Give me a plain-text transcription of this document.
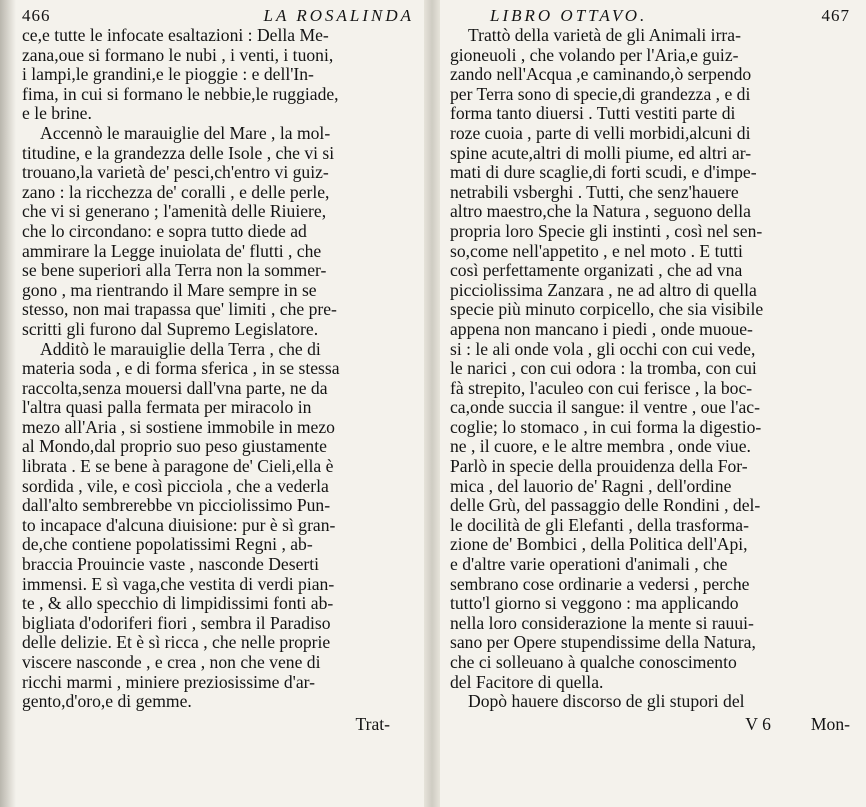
466	LA ROSALINDA
ce,e tutte le infocate esaltazioni : Della Me-
zana,oue si formano le nubi , i venti, i tuoni,
i lampi,le grandini,e le pioggie : e dell'In-
fima, in cui si formano le nebbie,le ruggiade,
e le brine.
Accennò le marauiglie del Mare , la mol-
titudine, e la grandezza delle Isole , che vi si
trouano,la varietà de' pesci,ch'entro vi guiz-
zano : la ricchezza de' coralli , e delle perle,
che vi si generano ; l'amenità delle Riuiere,
che lo circondano: e sopra tutto diede ad
ammirare la Legge inuiolata de' flutti , che
se bene superiori alla Terra non la sommer-
gono , ma rientrando il Mare sempre in se
stesso, non mai trapassa que' limiti , che pre-
scritti gli furono dal Supremo Legislatore.
Additò le marauiglie della Terra , che di
materia soda , e di forma sferica , in se stessa
raccolta,senza mouersi dall'vna parte, ne da
l'altra quasi palla fermata per miracolo in
mezo all'Aria , si sostiene immobile in mezo
al Mondo,dal proprio suo peso giustamente
librata . E se bene à paragone de' Cieli,ella è
sordida , vile, e così picciola , che a vederla
dall'alto sembrerebbe vn picciolissimo Pun-
to incapace d'alcuna diuisione: pur è sì gran-
de,che contiene popolatissimi Regni , ab-
braccia Prouincie vaste , nasconde Deserti
immensi. E sì vaga,che vestita di verdi pian-
te , & allo specchio di limpidissimi fonti ab-
bigliata d'odoriferi fiori , sembra il Paradiso
delle delizie. Et è sì ricca , che nelle proprie
viscere nasconde , e crea , non che vene di
ricchi marmi , miniere preziosissime d'ar-
gento,d'oro,e di gemme.
Trat-
LIBRO OTTAVO.	467
Trattò della varietà de gli Animali irra-
gioneuoli , che volando per l'Aria,e guiz-
zando nell'Acqua ,e caminando,ò serpendo
per Terra sono di specie,di grandezza , e di
forma tanto diuersi . Tutti vestiti parte di
roze cuoia , parte di velli morbidi,alcuni di
spine acute,altri di molli piume, ed altri ar-
mati di dure scaglie,di forti scudi, e d'impe-
netrabili vsberghi . Tutti, che senz'hauere
altro maestro,che la Natura , seguono della
propria loro Specie gli instinti , così nel sen-
so,come nell'appetito , e nel moto . E tutti
così perfettamente organizati , che ad vna
picciolissima Zanzara , ne ad altro di quella
specie più minuto corpicello, che sia visibile
appena non mancano i piedi , onde muoue-
si : le ali onde vola , gli occhi con cui vede,
le narici , con cui odora : la tromba, con cui
fà strepito, l'aculeo con cui ferisce , la boc-
ca,onde succia il sangue: il ventre , oue l'ac-
coglie; lo stomaco , in cui forma la digestio-
ne , il cuore, e le altre membra , onde viue.
Parlò in specie della prouidenza della For-
mica , del lauorio de' Ragni , dell'ordine
delle Grù, del passaggio delle Rondini , del-
le docilità de gli Elefanti , della trasforma-
zione de' Bombici , della Politica dell'Api,
e d'altre varie operationi d'animali , che
sembrano cose ordinarie a vedersi , perche
tutto'l giorno si veggono : ma applicando
nella loro considerazione la mente si rauui-
sano per Opere stupendissime della Natura,
che ci solleuano à qualche conoscimento
del Facitore di quella.
Dopò hauere discorso de gli stupori del
V 6 Mon-
